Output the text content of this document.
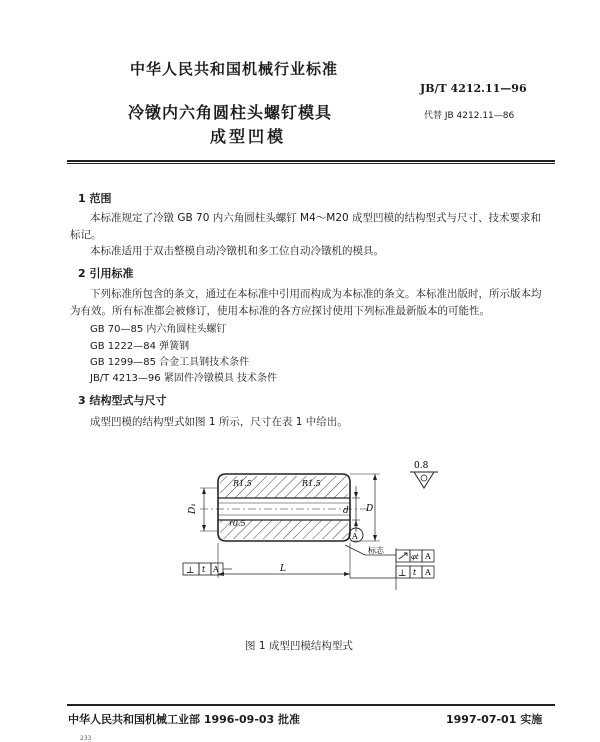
中华人民共和国机械行业标准
JB/T 4212.11—96
冷镦内六角圆柱头螺钉模具
成型凹模
代替 JB 4212.11—86
1 范围
本标准规定了冷镦 GB 70 内六角圆柱头螺钉 M4～M20 成型凹模的结构型式与尺寸、技术要求和
标记。
本标准适用于双击整模自动冷镦机和多工位自动冷镦机的模具。
2 引用标准
下列标准所包含的条文，通过在本标准中引用而构成为本标准的条文。本标准出版时，所示版本均
为有效。所有标准都会被修订，使用本标准的各方应探讨使用下列标准最新版本的可能性。
GB 70—85 内六角圆柱头螺钉
GB 1222—84 弹簧钢
GB 1299—85 合金工具钢技术条件
JB/T 4213—96 紧固件冷镦模具 技术条件
3 结构型式与尺寸
成型凹模的结构型式如图 1 所示，尺寸在表 1 中给出。
0.8
R1.5	R1.5
r0.5
D₁	d
A
D
标志
L
⊥ t A
φt A
⊥ t A
图 1 成型凹模结构型式
中华人民共和国机械工业部 1996-09-03 批准	1997-07-01 实施
233
